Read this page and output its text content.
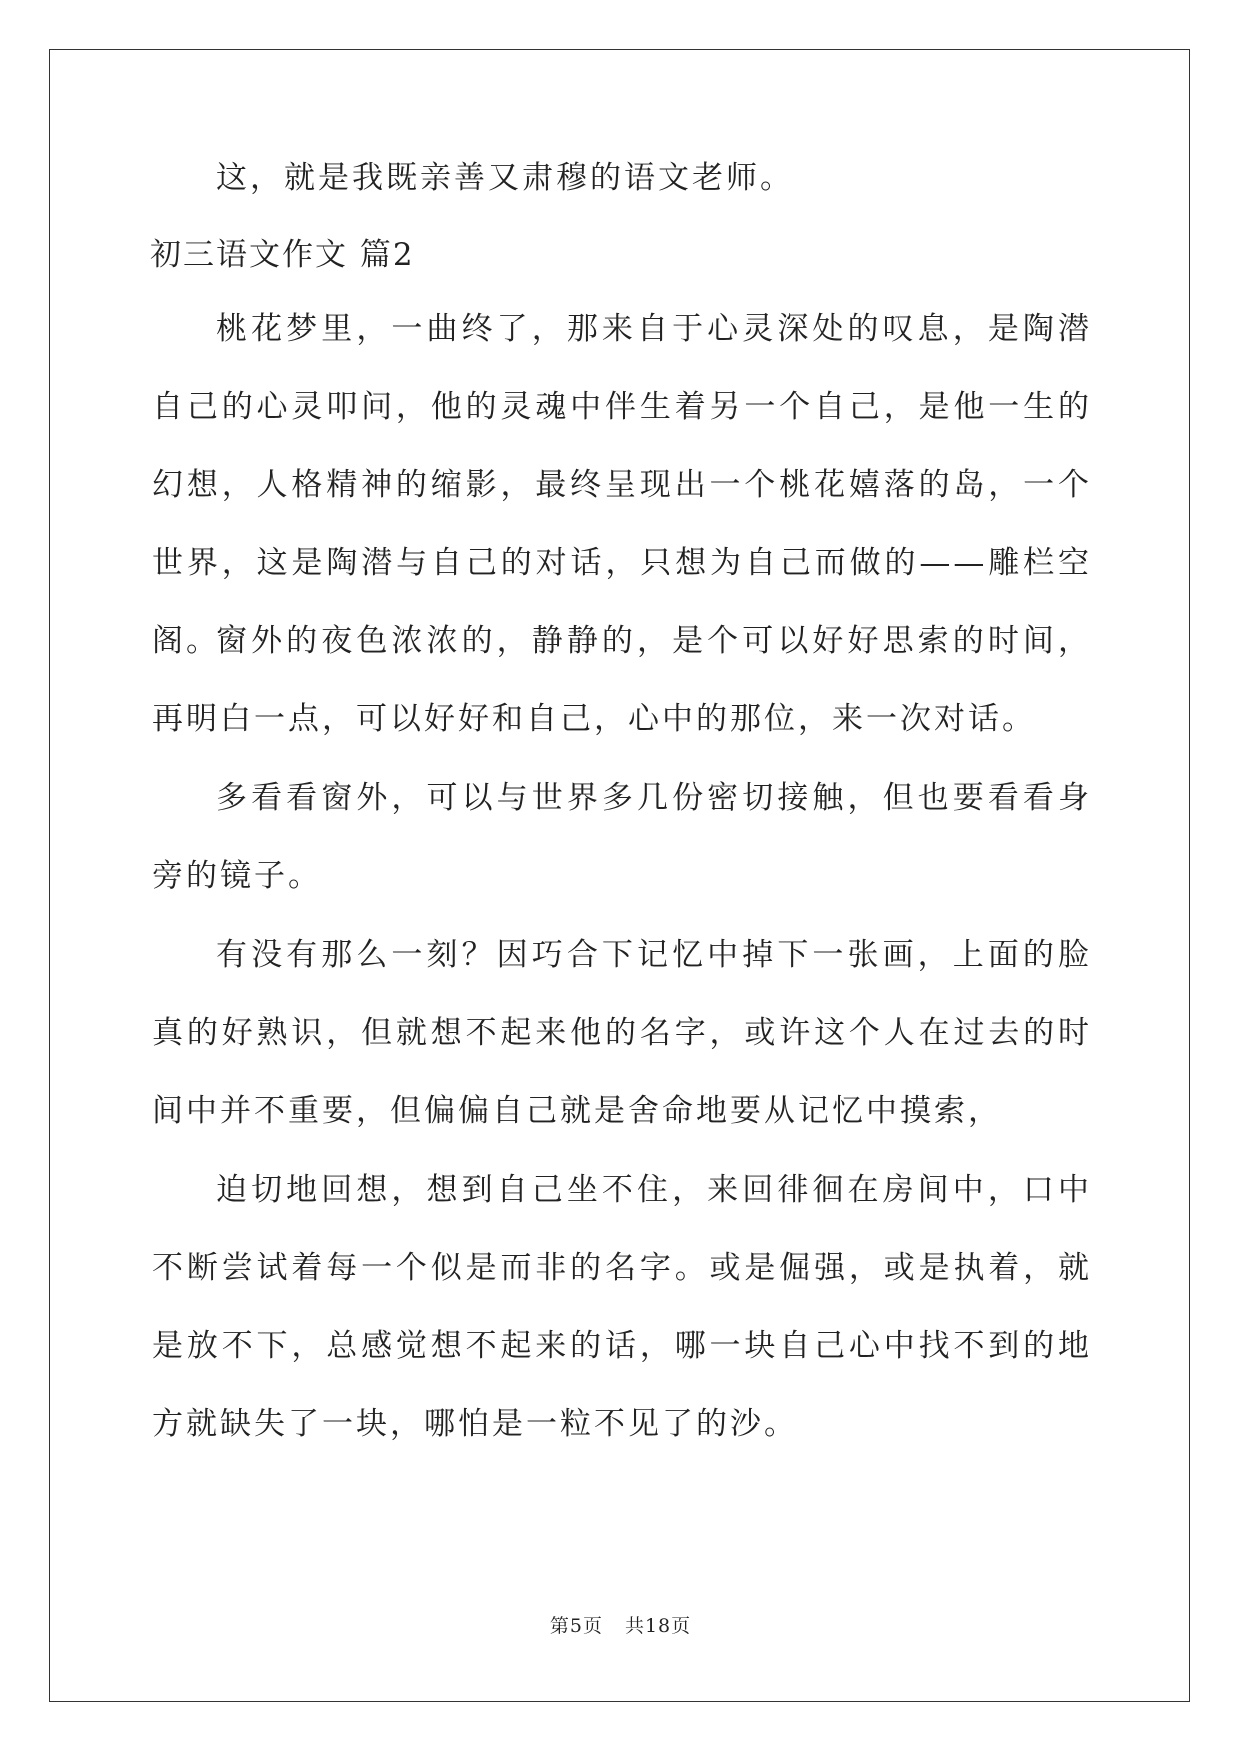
这，就是我既亲善又肃穆的语文老师。
初三语文作文 篇2
桃花梦里，一曲终了，那来自于心灵深处的叹息，是陶潜自己的心灵叩问，他的灵魂中伴生着另一个自己，是他一生的幻想，人格精神的缩影，最终呈现出一个桃花嬉落的岛，一个世界，这是陶潜与自己的对话，只想为自己而做的——雕栏空阁。
窗外的夜色浓浓的，静静的，是个可以好好思索的时间，再明白一点，可以好好和自己，心中的那位，来一次对话。
多看看窗外，可以与世界多几份密切接触，但也要看看身旁的镜子。
有没有那么一刻？因巧合下记忆中掉下一张画，上面的脸真的好熟识，但就想不起来他的名字，或许这个人在过去的时间中并不重要，但偏偏自己就是舍命地要从记忆中摸索，
迫切地回想，想到自己坐不住，来回徘徊在房间中，口中不断尝试着每一个似是而非的名字。或是倔强，或是执着，就是放不下，总感觉想不起来的话，哪一块自己心中找不到的地方就缺失了一块，哪怕是一粒不见了的沙。
第5页 共18页
